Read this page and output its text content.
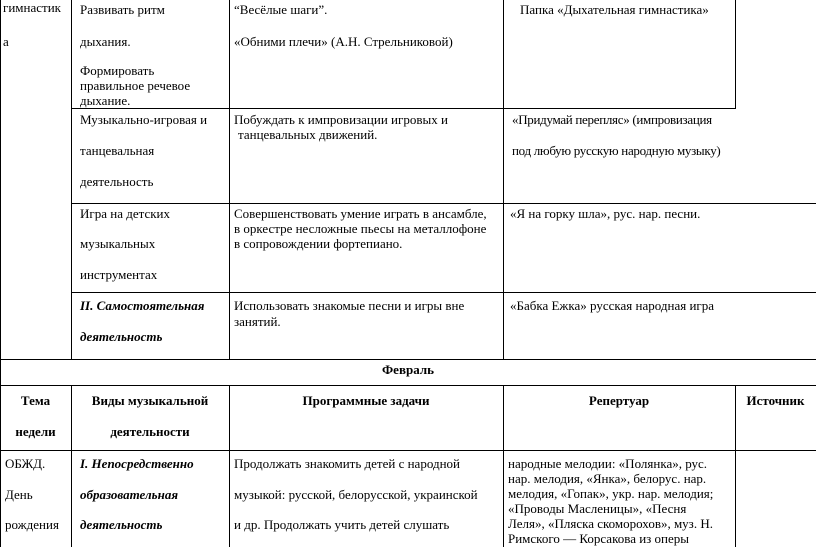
гимнастик
а
Развивать ритм
дыхания.
Формировать
правильное речевое
дыхание.
“Весёлые шаги”.
«Обними плечи» (А.Н. Стрельниковой)
Папка «Дыхательная гимнастика»
Музыкально-игровая и
танцевальная
деятельность
Побуждать к импровизации игровых и
танцевальных движений.
«Придумай перепляс» (импровизация
под любую русскую народную музыку)
Игра на детских
музыкальных
инструментах
Совершенствовать умение играть в ансамбле,
в оркестре несложные пьесы на металлофоне
в сопровождении фортепиано.
«Я на горку шла», рус. нар. песни.
II. Самостоятельная
деятельность
Использовать знакомые песни и игры вне
занятий.
«Бабка Ежка» русская народная игра
Февраль
Тема
недели
Виды музыкальной
деятельности
Программные задачи	Репертуар	Источник
ОБЖД.
День
рождения
I. Непосредственно
образовательная
деятельность
Продолжать знакомить детей с народной
музыкой: русской, белорусской, украинской
и др. Продолжать учить детей слушать
народные мелодии: «Полянка», рус.
нар. мелодия, «Янка», белорус. нар.
мелодия, «Гопак», укр. нар. мелодия;
«Проводы Масленицы», «Песня
Леля», «Пляска скоморохов», муз. Н.
Римского — Корсакова из оперы
